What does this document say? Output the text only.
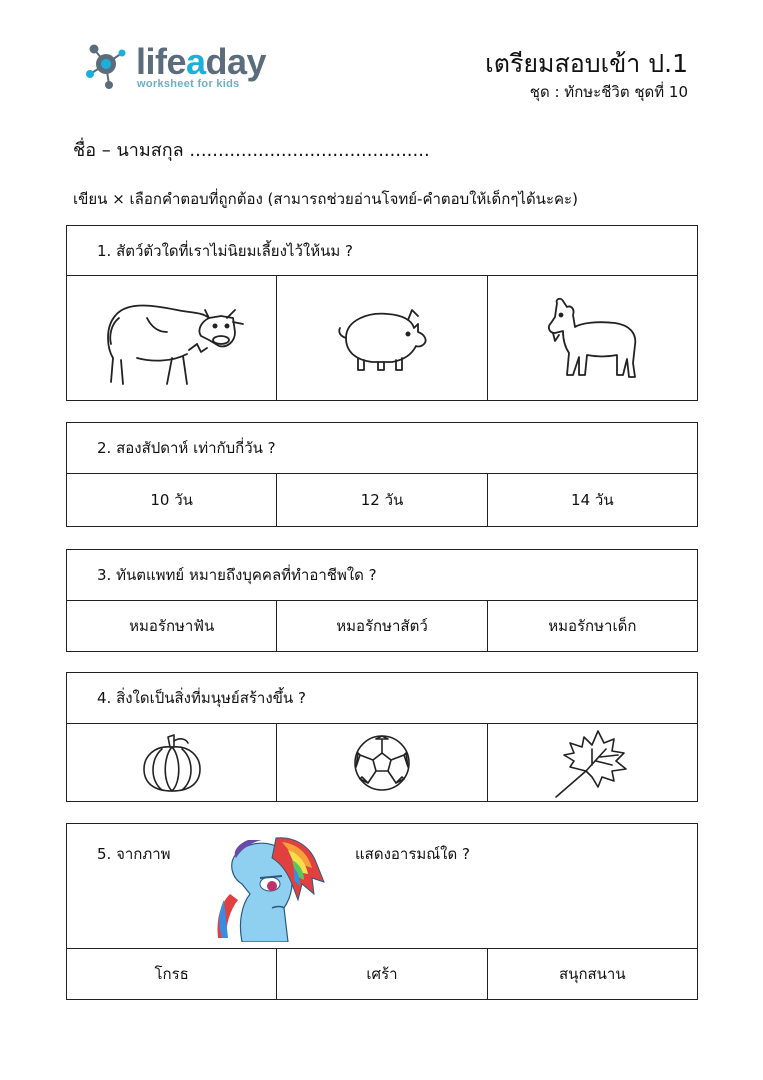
lifeaday
worksheet for kids
เตรียมสอบเข้า ป.1
ชุด : ทักษะชีวิต ชุดที่ 10
ชื่อ – นามสกุล ..........................................
เขียน × เลือกคำตอบที่ถูกต้อง (สามารถช่วยอ่านโจทย์-คำตอบให้เด็กๆได้นะคะ)
1. สัตว์ตัวใดที่เราไม่นิยมเลี้ยงไว้ให้นม ?
2. สองสัปดาห์ เท่ากับกี่วัน ?
10 วัน	12 วัน	14 วัน
3. ทันตแพทย์ หมายถึงบุคคลที่ทำอาชีพใด ?
หมอรักษาฟัน	หมอรักษาสัตว์	หมอรักษาเด็ก
4. สิ่งใดเป็นสิ่งที่มนุษย์สร้างขึ้น ?
5. จากภาพ	แสดงอารมณ์ใด ?
โกรธ	เศร้า	สนุกสนาน
